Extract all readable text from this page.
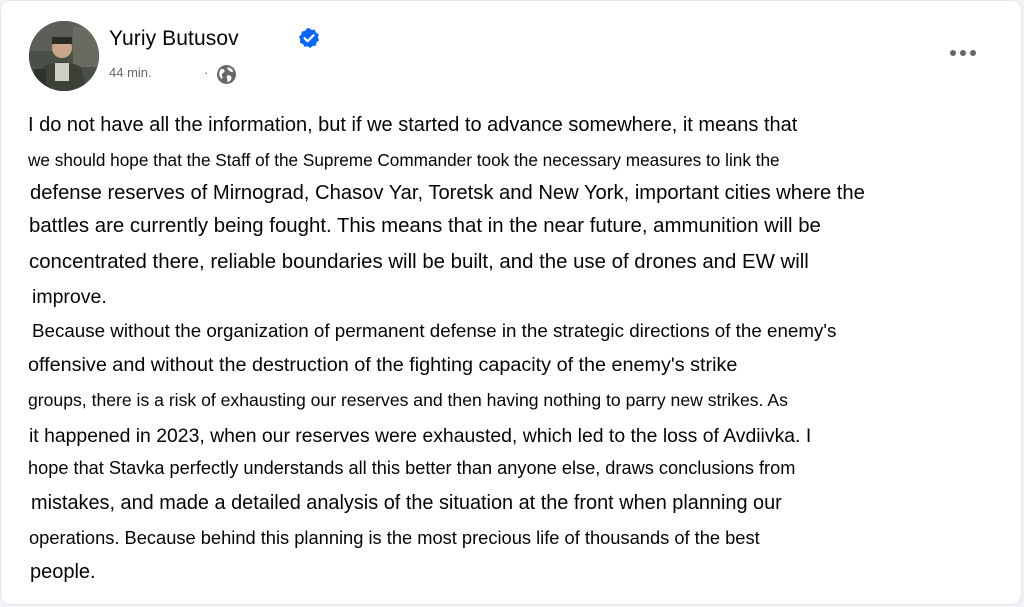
Yuriy Butusov
44 min.	·
I do not have all the information, but if we started to advance somewhere, it means that
we should hope that the Staff of the Supreme Commander took the necessary measures to link the
defense reserves of Mirnograd, Chasov Yar, Toretsk and New York, important cities where the
battles are currently being fought. This means that in the near future, ammunition will be
concentrated there, reliable boundaries will be built, and the use of drones and EW will
improve.
Because without the organization of permanent defense in the strategic directions of the enemy's
offensive and without the destruction of the fighting capacity of the enemy's strike
groups, there is a risk of exhausting our reserves and then having nothing to parry new strikes. As
it happened in 2023, when our reserves were exhausted, which led to the loss of Avdiivka. I
hope that Stavka perfectly understands all this better than anyone else, draws conclusions from
mistakes, and made a detailed analysis of the situation at the front when planning our
operations. Because behind this planning is the most precious life of thousands of the best
people.
